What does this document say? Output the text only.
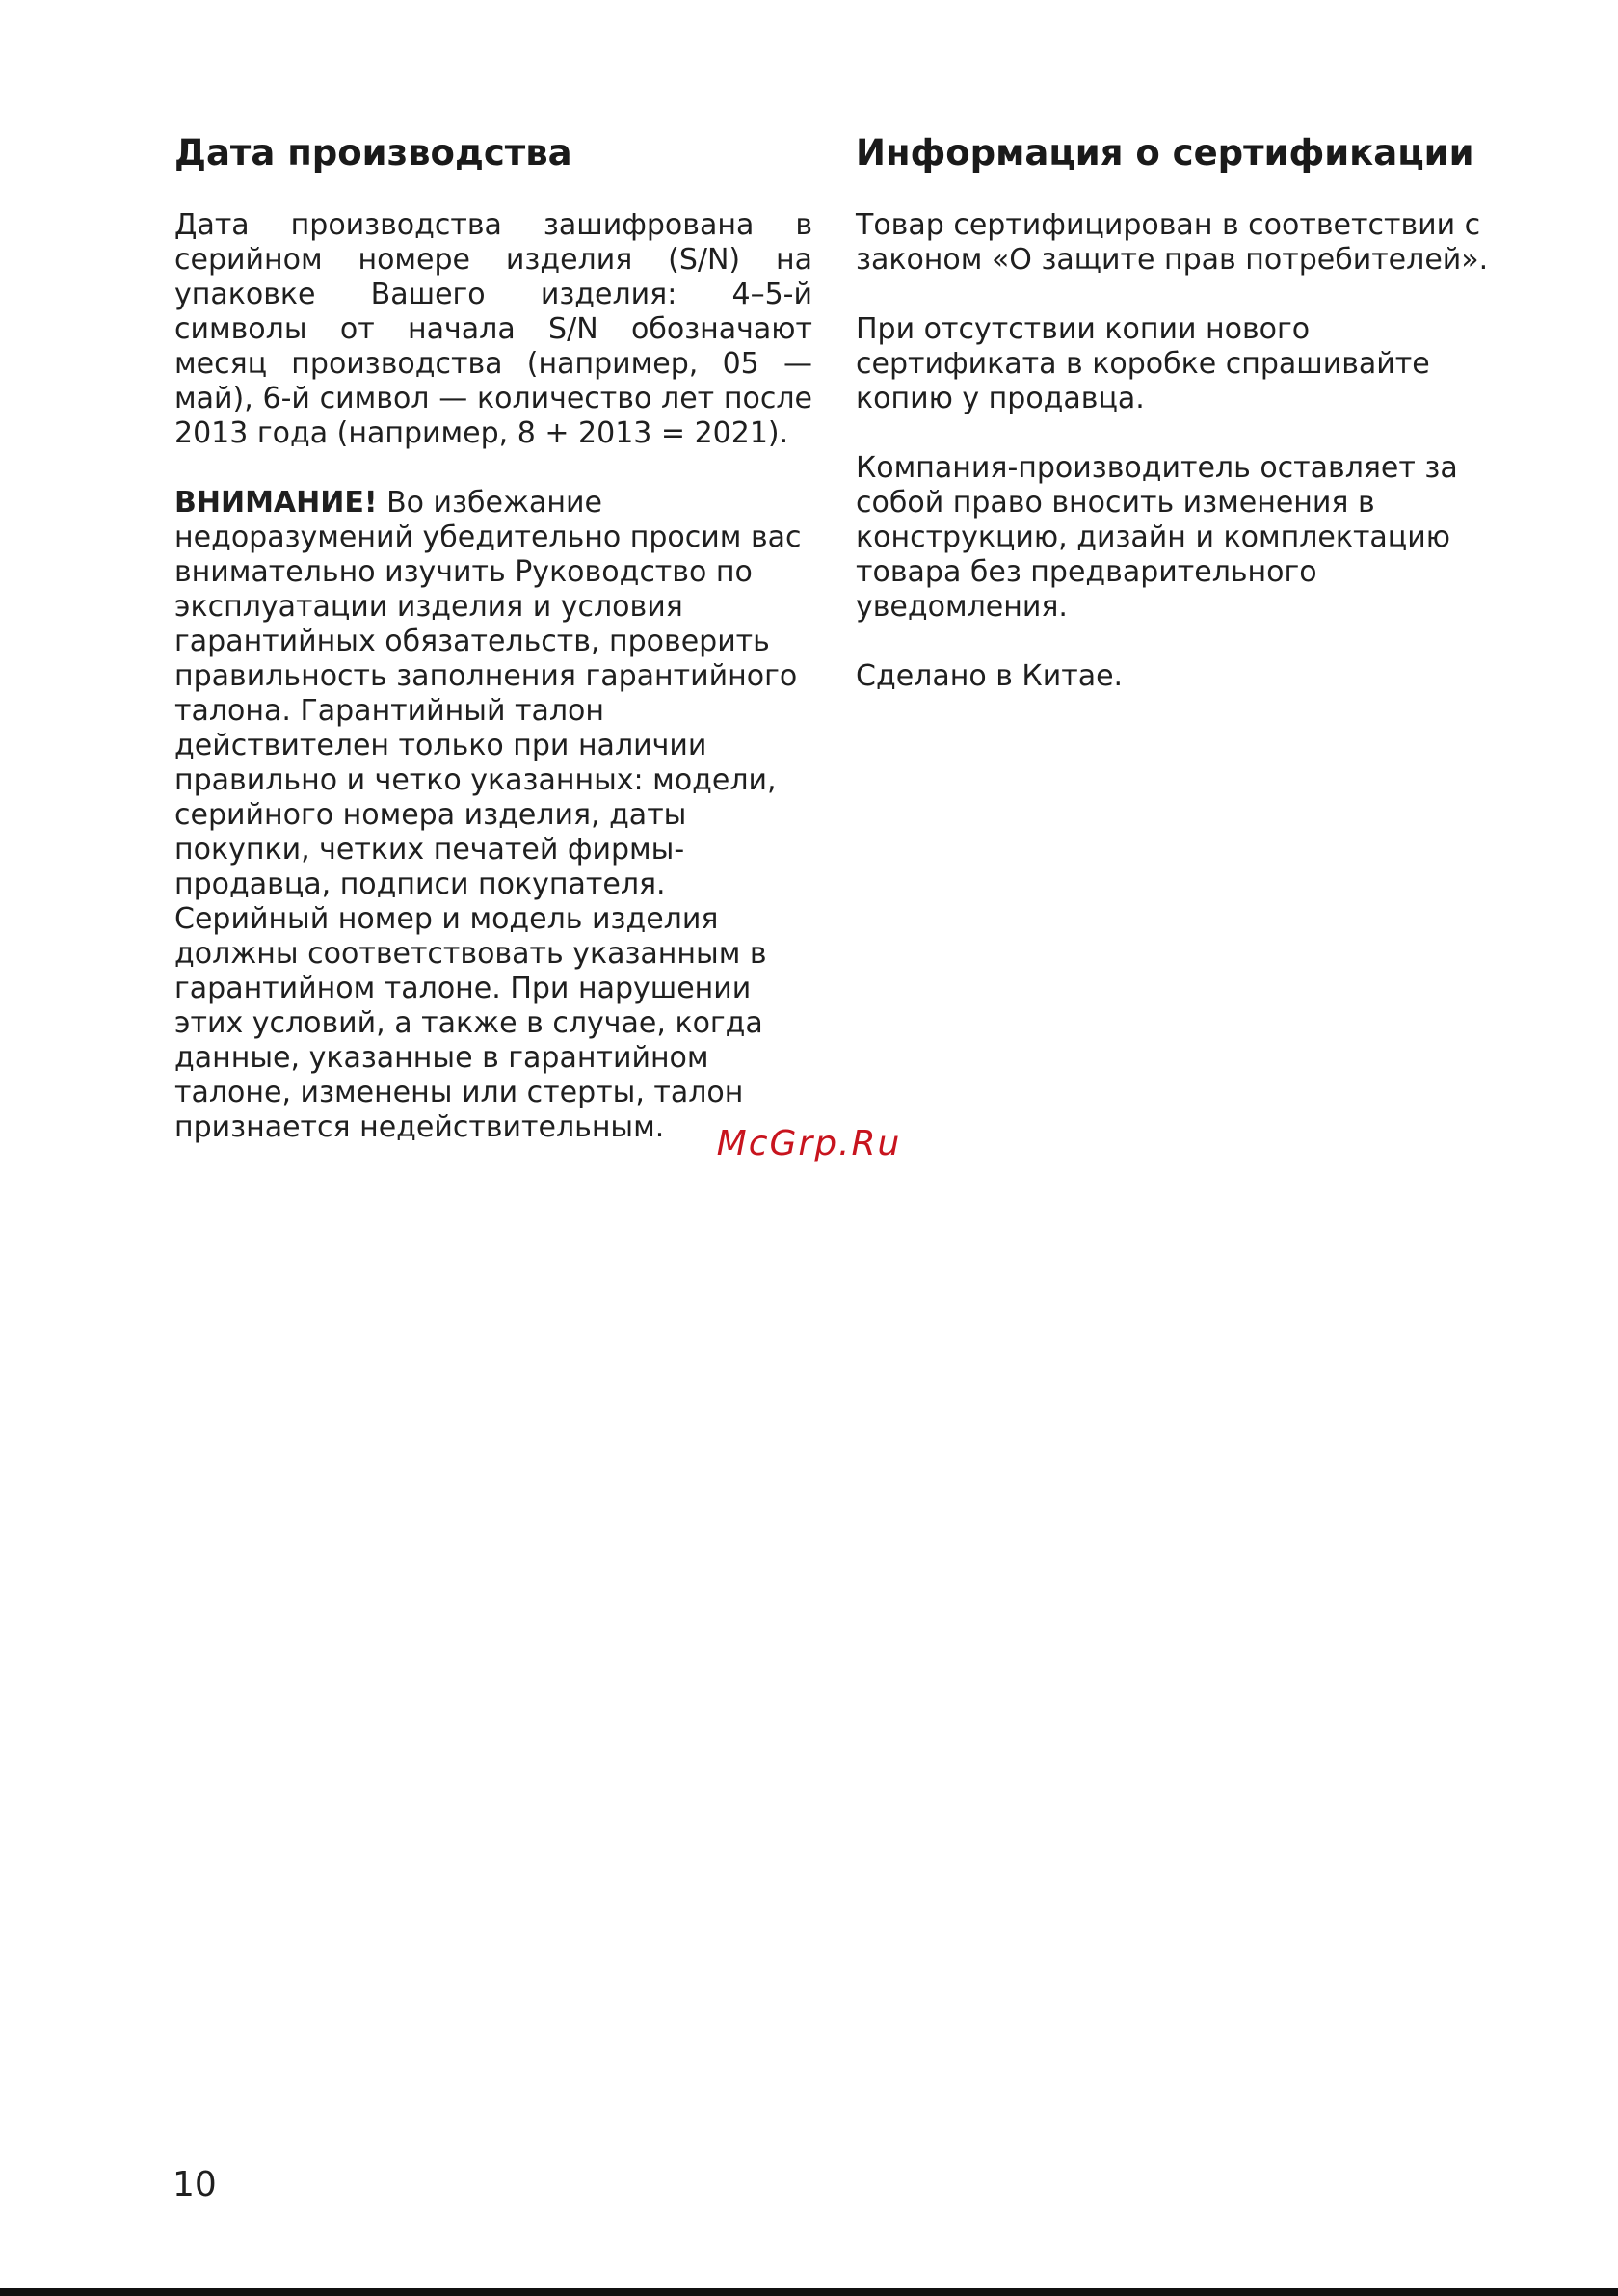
Дата производства

Дата производства зашифрована в серийном номере изделия (S/N) на упаковке Вашего изделия: 4–5-й символы от начала S/N обозначают месяц производства (например, 05 — май), 6-й символ — количество лет после 2013 года (например, 8 + 2013 = 2021).

ВНИМАНИЕ! Во избежание недоразумений убедительно просим вас внимательно изучить Руководство по эксплуатации изделия и условия гарантийных обязательств, проверить правильность заполнения гарантийного талона. Гарантийный талон действителен только при наличии правильно и четко указанных: модели, серийного номера изделия, даты покупки, четких печатей фирмы-продавца, подписи покупателя. Серийный номер и модель изделия должны соответствовать указанным в гарантийном талоне. При нарушении этих условий, а также в случае, когда данные, указанные в гарантийном талоне, изменены или стерты, талон признается недействительным.

Информация о сертификации

Товар сертифицирован в соответствии с законом «О защите прав потребителей».

При отсутствии копии нового сертификата в коробке спрашивайте копию у продавца.

Компания-производитель оставляет за собой право вносить изменения в конструкцию, дизайн и комплектацию товара без предварительного уведомления.

Сделано в Китае.

McGrp.Ru
10
